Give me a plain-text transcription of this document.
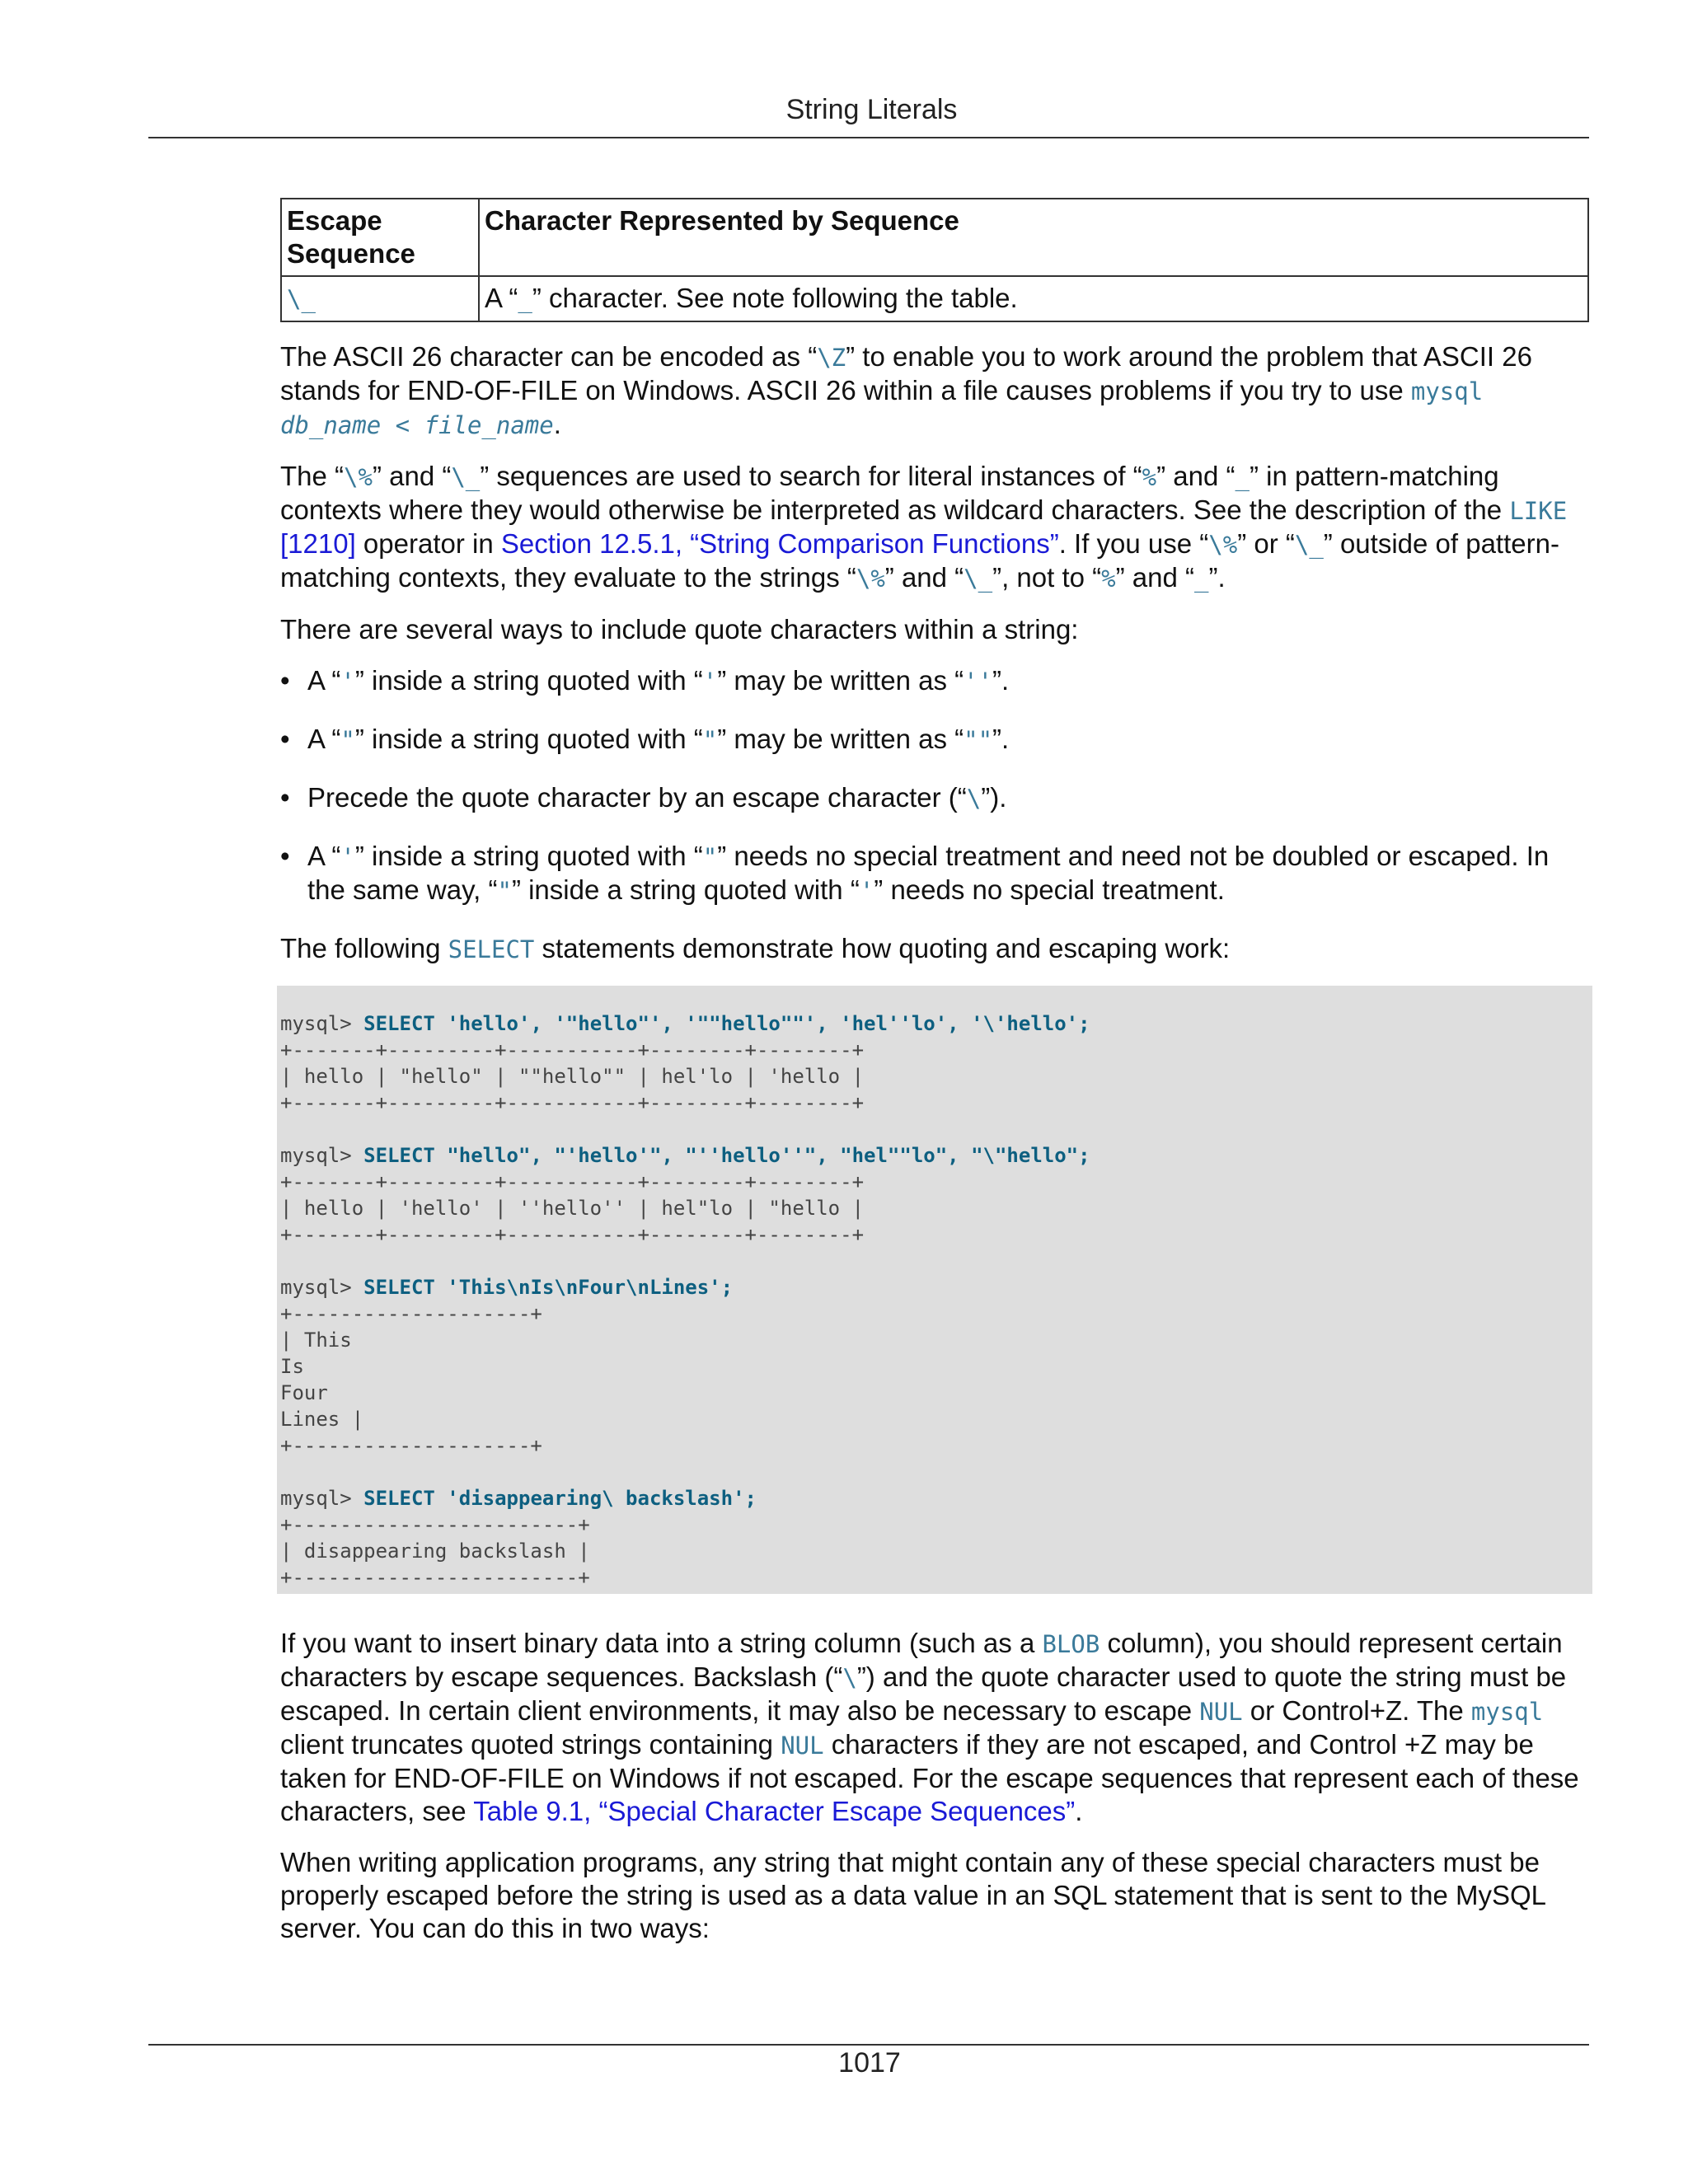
String Literals
Escape Sequence	Character Represented by Sequence
\_	A “_” character. See note following the table.

The ASCII 26 character can be encoded as “\Z” to enable you to work around the problem that ASCII 26 stands for END-OF-FILE on Windows. ASCII 26 within a file causes problems if you try to use mysql db_name < file_name.

The “\%” and “\_” sequences are used to search for literal instances of “%” and “_” in pattern-matching contexts where they would otherwise be interpreted as wildcard characters. See the description of the LIKE [1210] operator in Section 12.5.1, “String Comparison Functions”. If you use “\%” or “\_” outside of pattern-matching contexts, they evaluate to the strings “\%” and “\_”, not to “%” and “_”.

There are several ways to include quote characters within a string:

• A “'” inside a string quoted with “'” may be written as “''”.
• A “"” inside a string quoted with “"” may be written as “""”.
• Precede the quote character by an escape character (“\”).
• A “'” inside a string quoted with “"” needs no special treatment and need not be doubled or escaped. In the same way, “"” inside a string quoted with “'” needs no special treatment.

The following SELECT statements demonstrate how quoting and escaping work:

mysql> SELECT 'hello', '"hello"', '""hello""', 'hel''lo', '\'hello';
+-------+---------+-----------+--------+--------+
| hello | "hello" | ""hello"" | hel'lo | 'hello |
+-------+---------+-----------+--------+--------+
mysql> SELECT "hello", "'hello'", "''hello''", "hel""lo", "\"hello";
+-------+---------+-----------+--------+--------+
| hello | 'hello' | ''hello'' | hel"lo | "hello |
+-------+---------+-----------+--------+--------+
mysql> SELECT 'This\nIs\nFour\nLines';
+--------------------+
| This
Is
Four
Lines |
+--------------------+
mysql> SELECT 'disappearing\ backslash';
+------------------------+
| disappearing backslash |
+------------------------+

If you want to insert binary data into a string column (such as a BLOB column), you should represent certain characters by escape sequences. Backslash (“\”) and the quote character used to quote the string must be escaped. In certain client environments, it may also be necessary to escape NUL or Control+Z. The mysql client truncates quoted strings containing NUL characters if they are not escaped, and Control +Z may be taken for END-OF-FILE on Windows if not escaped. For the escape sequences that represent each of these characters, see Table 9.1, “Special Character Escape Sequences”.

When writing application programs, any string that might contain any of these special characters must be properly escaped before the string is used as a data value in an SQL statement that is sent to the MySQL server. You can do this in two ways:

1017
